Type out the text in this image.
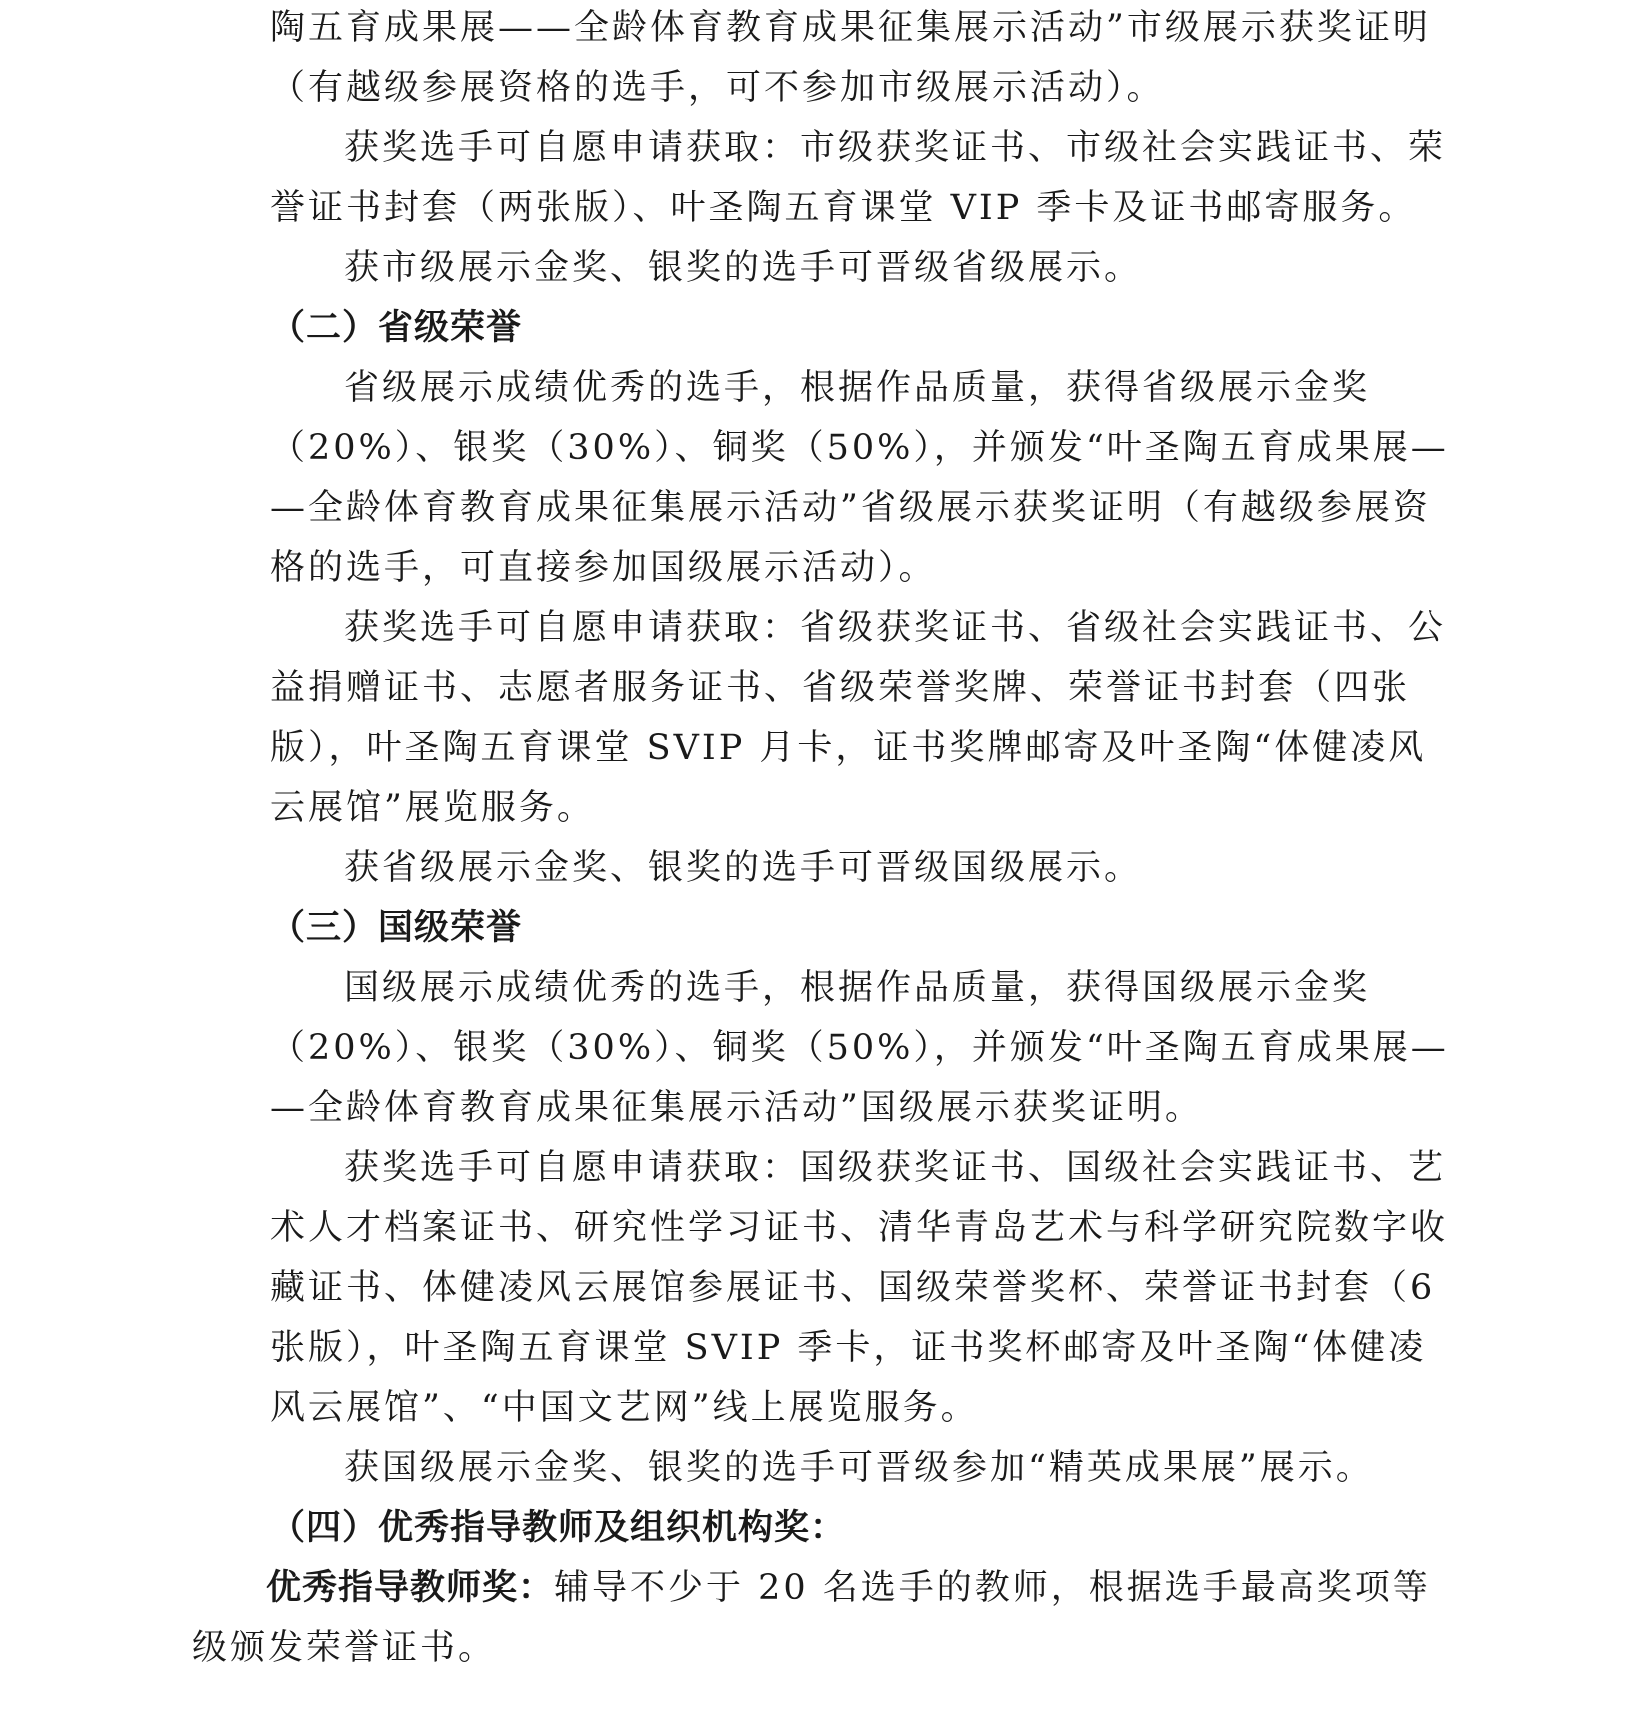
陶五育成果展——全龄体育教育成果征集展示活动”市级展示获奖证明
（有越级参展资格的选手，可不参加市级展示活动）。
获奖选手可自愿申请获取：市级获奖证书、市级社会实践证书、荣
誉证书封套（两张版）、叶圣陶五育课堂 VIP 季卡及证书邮寄服务。
获市级展示金奖、银奖的选手可晋级省级展示。
（二）省级荣誉
省级展示成绩优秀的选手，根据作品质量，获得省级展示金奖
（20%）、银奖（30%）、铜奖（50%），并颁发“叶圣陶五育成果展—
—全龄体育教育成果征集展示活动”省级展示获奖证明（有越级参展资
格的选手，可直接参加国级展示活动）。
获奖选手可自愿申请获取：省级获奖证书、省级社会实践证书、公
益捐赠证书、志愿者服务证书、省级荣誉奖牌、荣誉证书封套（四张
版），叶圣陶五育课堂 SVIP 月卡，证书奖牌邮寄及叶圣陶“体健凌风
云展馆”展览服务。
获省级展示金奖、银奖的选手可晋级国级展示。
（三）国级荣誉
国级展示成绩优秀的选手，根据作品质量，获得国级展示金奖
（20%）、银奖（30%）、铜奖（50%），并颁发“叶圣陶五育成果展—
—全龄体育教育成果征集展示活动”国级展示获奖证明。
获奖选手可自愿申请获取：国级获奖证书、国级社会实践证书、艺
术人才档案证书、研究性学习证书、清华青岛艺术与科学研究院数字收
藏证书、体健凌风云展馆参展证书、国级荣誉奖杯、荣誉证书封套（6
张版），叶圣陶五育课堂 SVIP 季卡，证书奖杯邮寄及叶圣陶“体健凌
风云展馆”、“中国文艺网”线上展览服务。
获国级展示金奖、银奖的选手可晋级参加“精英成果展”展示。
（四）优秀指导教师及组织机构奖：
优秀指导教师奖：辅导不少于 20 名选手的教师，根据选手最高奖项等
级颁发荣誉证书。
